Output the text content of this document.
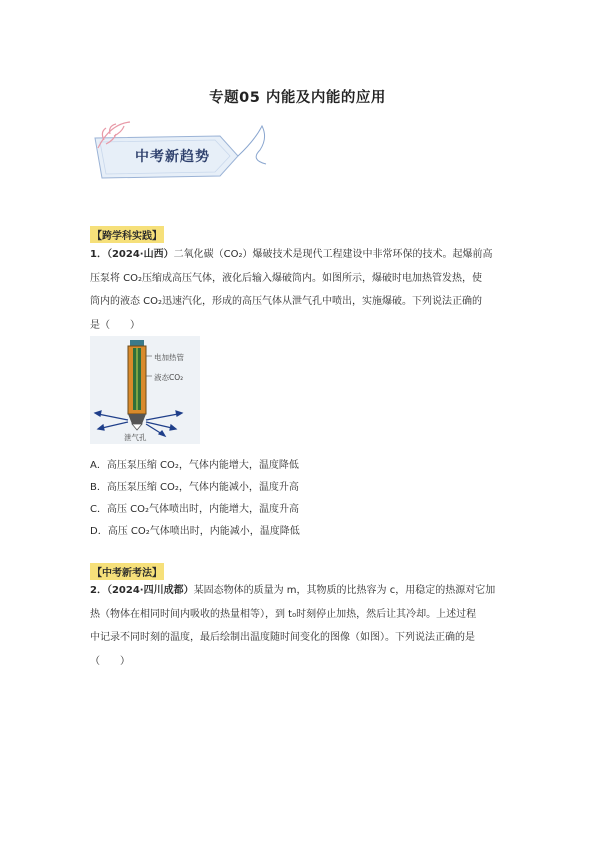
专题05 内能及内能的应用
中考新趋势
【跨学科实践】
1．（2024·山西）二氧化碳（CO₂）爆破技术是现代工程建设中非常环保的技术。起爆前高
压泵将 CO₂压缩成高压气体，液化后输入爆破筒内。如图所示，爆破时电加热管发热，使
筒内的液态 CO₂迅速汽化，形成的高压气体从泄气孔中喷出，实施爆破。下列说法正确的
是（　　）
电加热管
液态CO₂
泄气孔
A．高压泵压缩 CO₂，气体内能增大，温度降低
B．高压泵压缩 CO₂，气体内能减小，温度升高
C．高压 CO₂气体喷出时，内能增大，温度升高
D．高压 CO₂气体喷出时，内能减小，温度降低
【中考新考法】
2．（2024·四川成都）某固态物体的质量为 m，其物质的比热容为 c，用稳定的热源对它加
热（物体在相同时间内吸收的热量相等），到 t₀时刻停止加热，然后让其冷却。上述过程
中记录不同时刻的温度，最后绘制出温度随时间变化的图像（如图）。下列说法正确的是
（　　）
